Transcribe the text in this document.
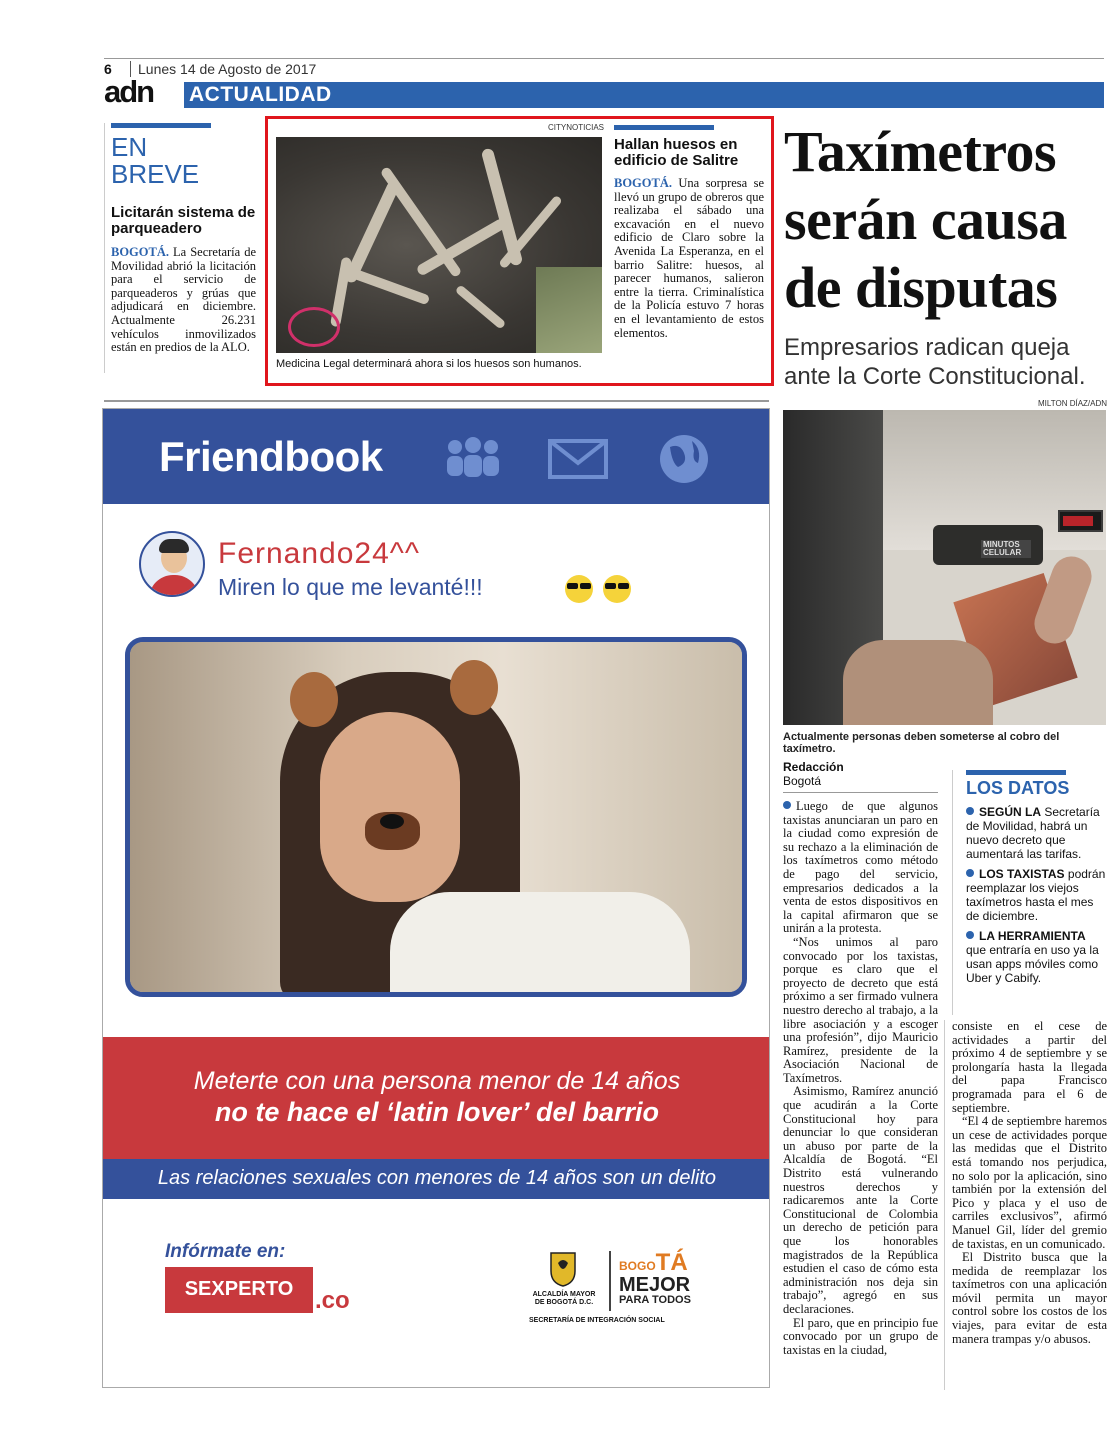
6 Lunes 14 de Agosto de 2017
adn ACTUALIDAD
EN
BREVE
Licitarán sistema de parqueadero
BOGOTÁ. La Secretaría de Movilidad abrió la licitación para el servicio de parqueaderos y grúas que adjudicará en diciembre. Actualmente 26.231 vehículos inmovilizados están en predios de la ALO.
CITYNOTICIAS
Medicina Legal determinará ahora si los huesos son humanos.
Hallan huesos en edificio de Salitre
BOGOTÁ. Una sorpresa se llevó un grupo de obreros que realizaba el sábado una excavación en el nuevo edificio de Claro sobre la Avenida La Esperanza, en el barrio Salitre: huesos, al parecer humanos, salieron entre la tierra. Criminalística de la Policía estuvo 7 horas en el levantamiento de estos elementos.
Taxímetros serán causa de disputas
Empresarios radican queja ante la Corte Constitucional.
MILTON DÍAZ/ADN
MINUTOS CELULAR
Actualmente personas deben someterse al cobro del taxímetro.
Redacción
Bogotá	LOS DATOS
SEGÚN LA Secretaría de Movilidad, habrá un nuevo decreto que aumentará las tarifas.
LOS TAXISTAS podrán reemplazar los viejos taxímetros hasta el mes de diciembre.
LA HERRAMIENTA que entraría en uso ya la usan apps móviles como Uber y Cabify.

Luego de que algunos taxistas anunciaran un paro en la ciudad como expresión de su rechazo a la eliminación de los taxímetros como método de pago del servicio, empresarios dedicados a la venta de estos dispositivos en la capital afirmaron que se unirán a la protesta.

“Nos unimos al paro convocado por los taxistas, porque es claro que el proyecto de decreto que está próximo a ser firmado vulnera nuestro derecho al trabajo, a la libre asociación y a escoger una profesión”, dijo Mauricio Ramírez, presidente de la Asociación Nacional de Taxímetros.

Asimismo, Ramírez anunció que acudirán a la Corte Constitucional hoy para denunciar lo que consideran un abuso por parte de la Alcaldía de Bogotá. “El Distrito está vulnerando nuestros derechos y radicaremos ante la Corte Constitucional de Colombia un derecho de petición para que los honorables magistrados de la República estudien el caso de cómo esta administración nos deja sin trabajo”, agregó en sus declaraciones.

El paro, que en principio fue convocado por un grupo de taxistas en la ciudad,

consiste en el cese de actividades a partir del próximo 4 de septiembre y se prolongaría hasta la llegada del papa Francisco programada para el 6 de septiembre.

“El 4 de septiembre haremos un cese de actividades porque las medidas que el Distrito está tomando nos perjudica, no solo por la aplicación, sino también por la extensión del Pico y placa y el uso de carriles exclusivos”, afirmó Manuel Gil, líder del gremio de taxistas, en un comunicado.

El Distrito busca que la medida de reemplazar los taxímetros con una aplicación móvil permita un mayor control sobre los costos de los viajes, para evitar de esta manera trampas y/o abusos.

Friendbook
Fernando24^^
Miren lo que me levanté!!!
Meterte con una persona menor de 14 años
no te hace el ‘latin lover’ del barrio
Las relaciones sexuales con menores de 14 años son un delito
Infórmate en:
SEXPERTO .co	ALCALDÍA MAYOR
DE BOGOTÁ D.C.
BOGOTÁ
MEJOR
PARA TODOS
SECRETARÍA DE INTEGRACIÓN SOCIAL
